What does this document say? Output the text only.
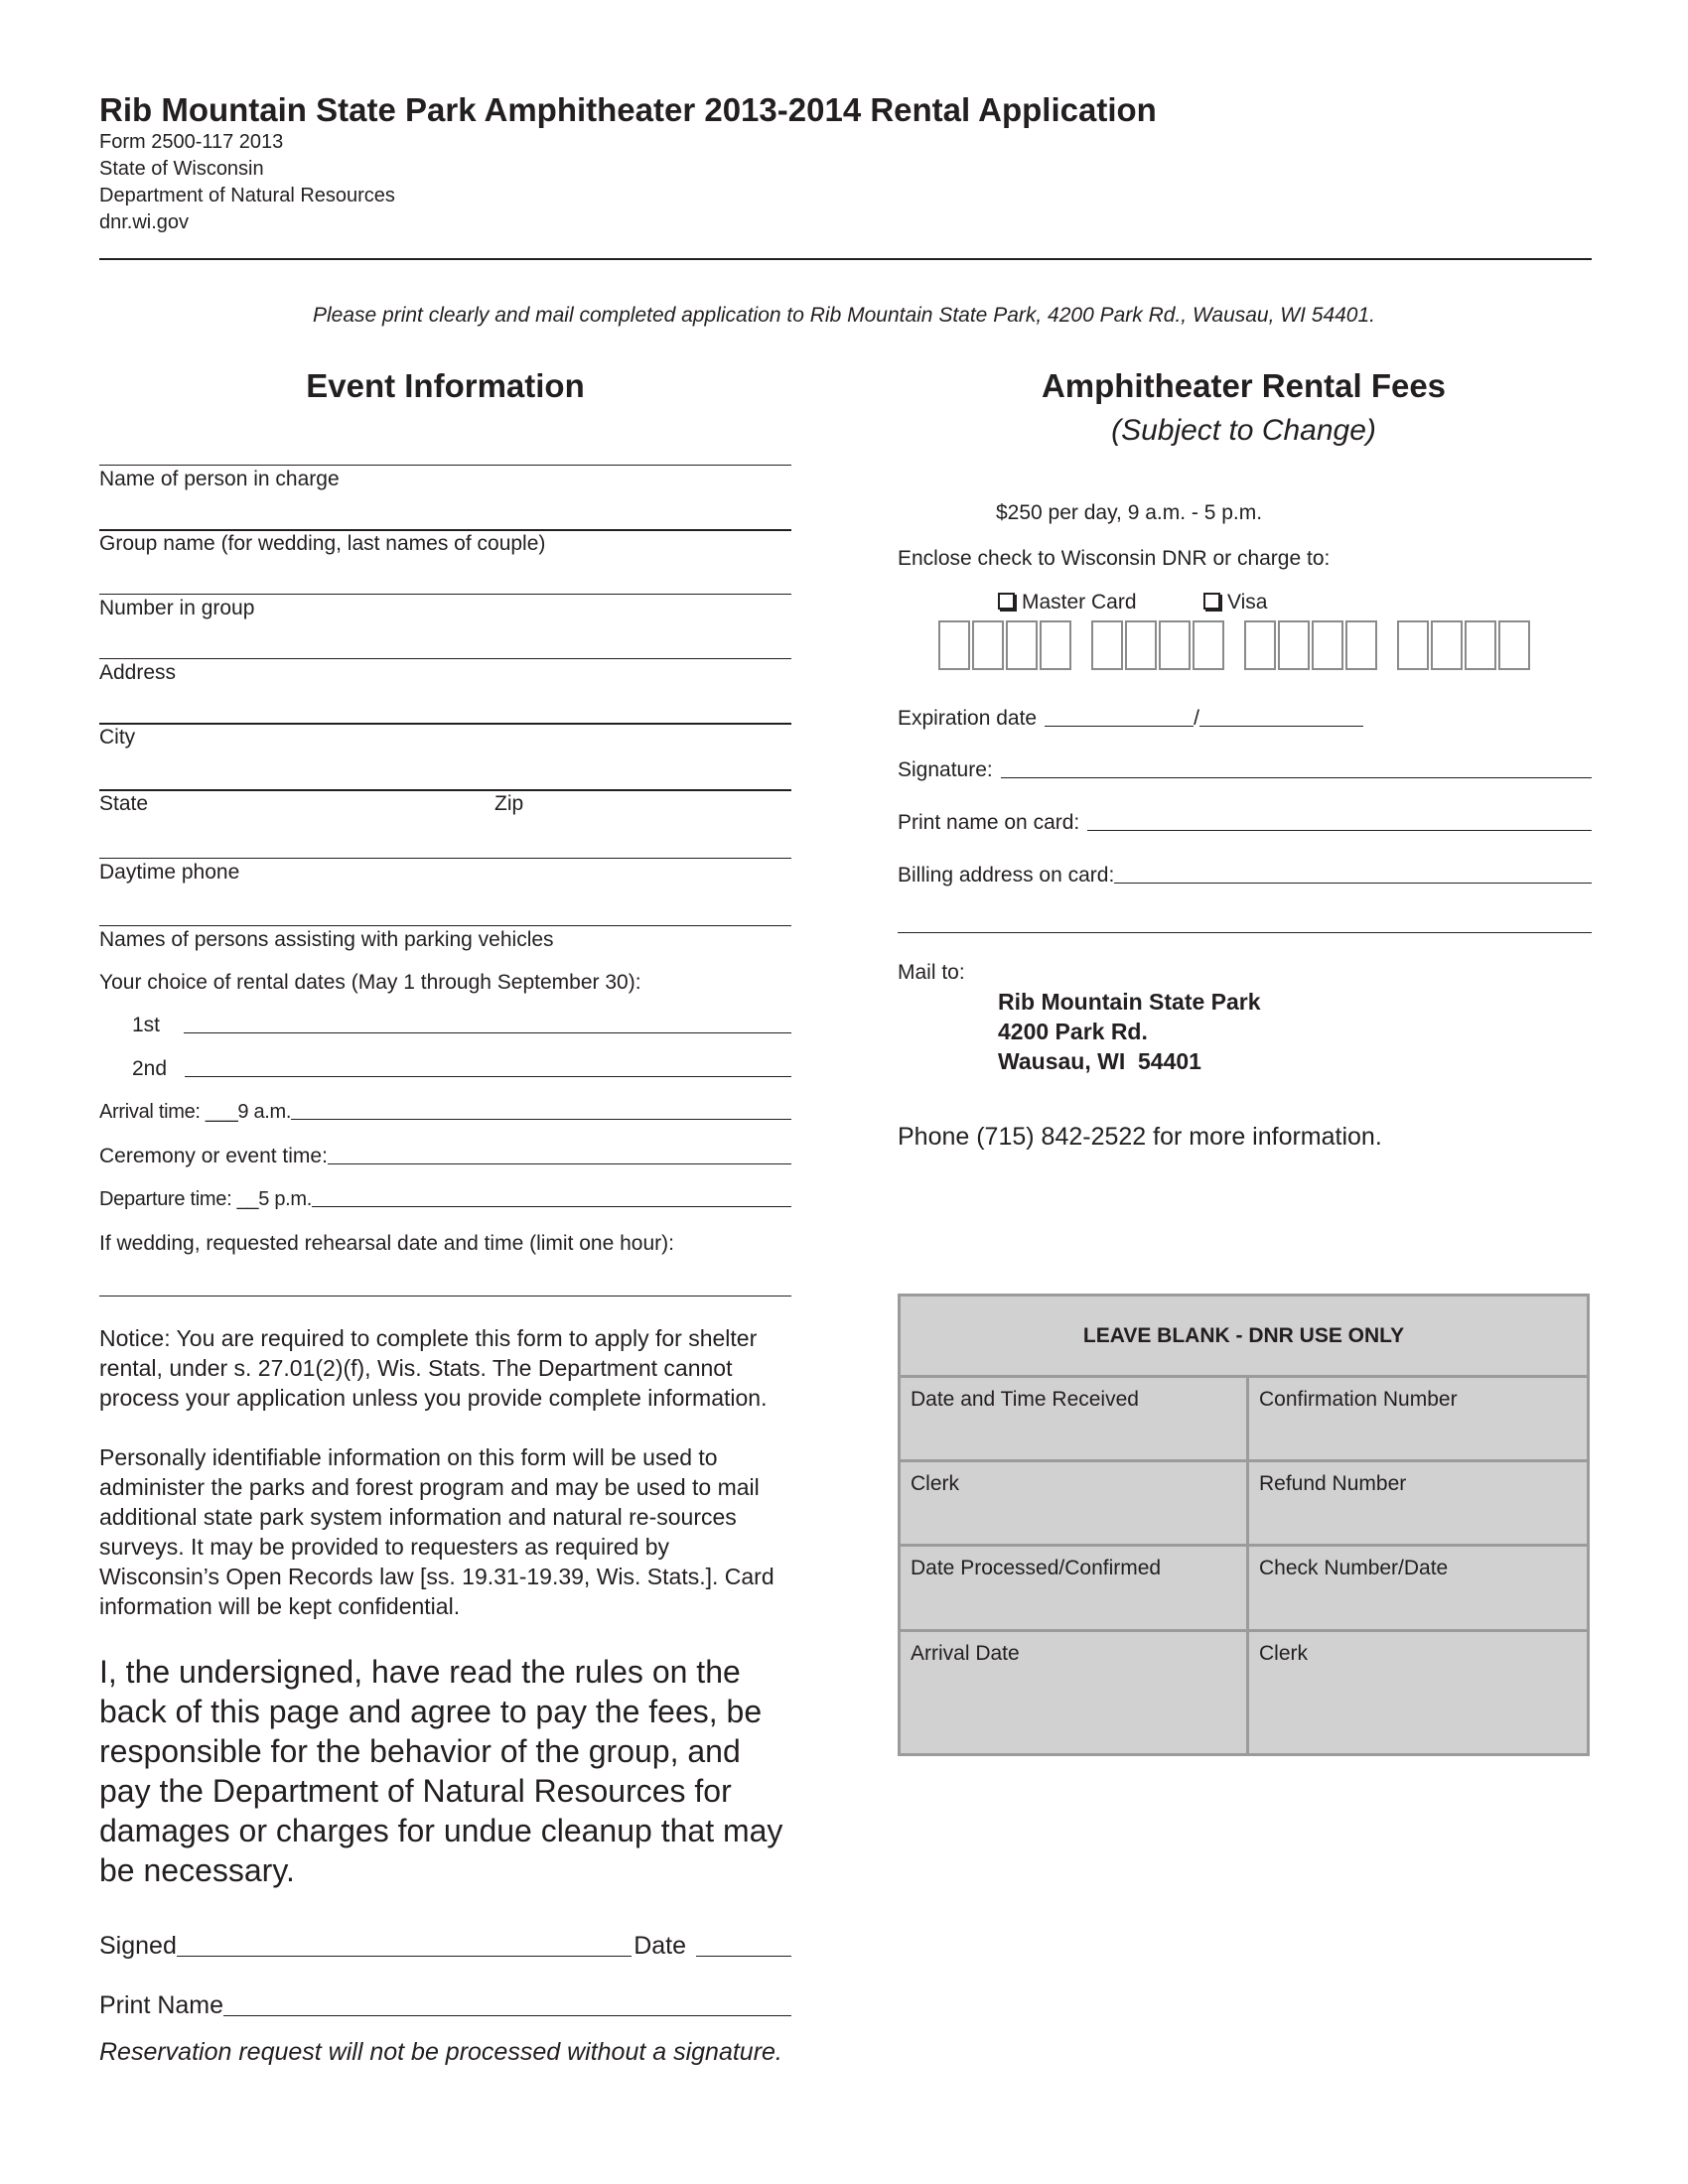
Rib Mountain State Park Amphitheater 2013-2014 Rental Application
Form 2500-117 2013
State of Wisconsin
Department of Natural Resources
dnr.wi.gov
Please print clearly and mail completed application to Rib Mountain State Park, 4200 Park Rd., Wausau, WI 54401.
Event Information
Name of person in charge
Group name (for wedding, last names of couple)
Number in group
Address
City
State	Zip
Daytime phone
Names of persons assisting with parking vehicles
Your choice of rental dates (May 1 through September 30):
1st
2nd
Arrival time: ___9 a.m.
Ceremony or event time:
Departure time: __5 p.m.
If wedding, requested rehearsal date and time (limit one hour):
Notice: You are required to complete this form to apply for shelter rental, under s. 27.01(2)(f), Wis. Stats. The Department cannot process your application unless you provide complete information.
Personally identifiable information on this form will be used to administer the parks and forest program and may be used to mail additional state park system information and natural re-sources surveys. It may be provided to requesters as required by Wisconsin’s Open Records law [ss. 19.31-19.39, Wis. Stats.]. Card information will be kept confidential.
I, the undersigned, have read the rules on the back of this page and agree to pay the fees, be responsible for the behavior of the group, and pay the Department of Natural Resources for damages or charges for undue cleanup that may be necessary.
Signed	Date
Print Name
Reservation request will not be processed without a signature.
Amphitheater Rental Fees
(Subject to Change)
$250 per day, 9 a.m. - 5 p.m.
Enclose check to Wisconsin DNR or charge to:
Master Card	Visa
Expiration date	/
Signature:
Print name on card:
Billing address on card:
Mail to:
Rib Mountain State Park
4200 Park Rd.
Wausau, WI  54401
Phone (715) 842-2522 for more information.
LEAVE BLANK - DNR USE ONLY
Date and Time Received	Confirmation Number
Clerk	Refund Number
Date Processed/Confirmed	Check Number/Date
Arrival Date	Clerk
